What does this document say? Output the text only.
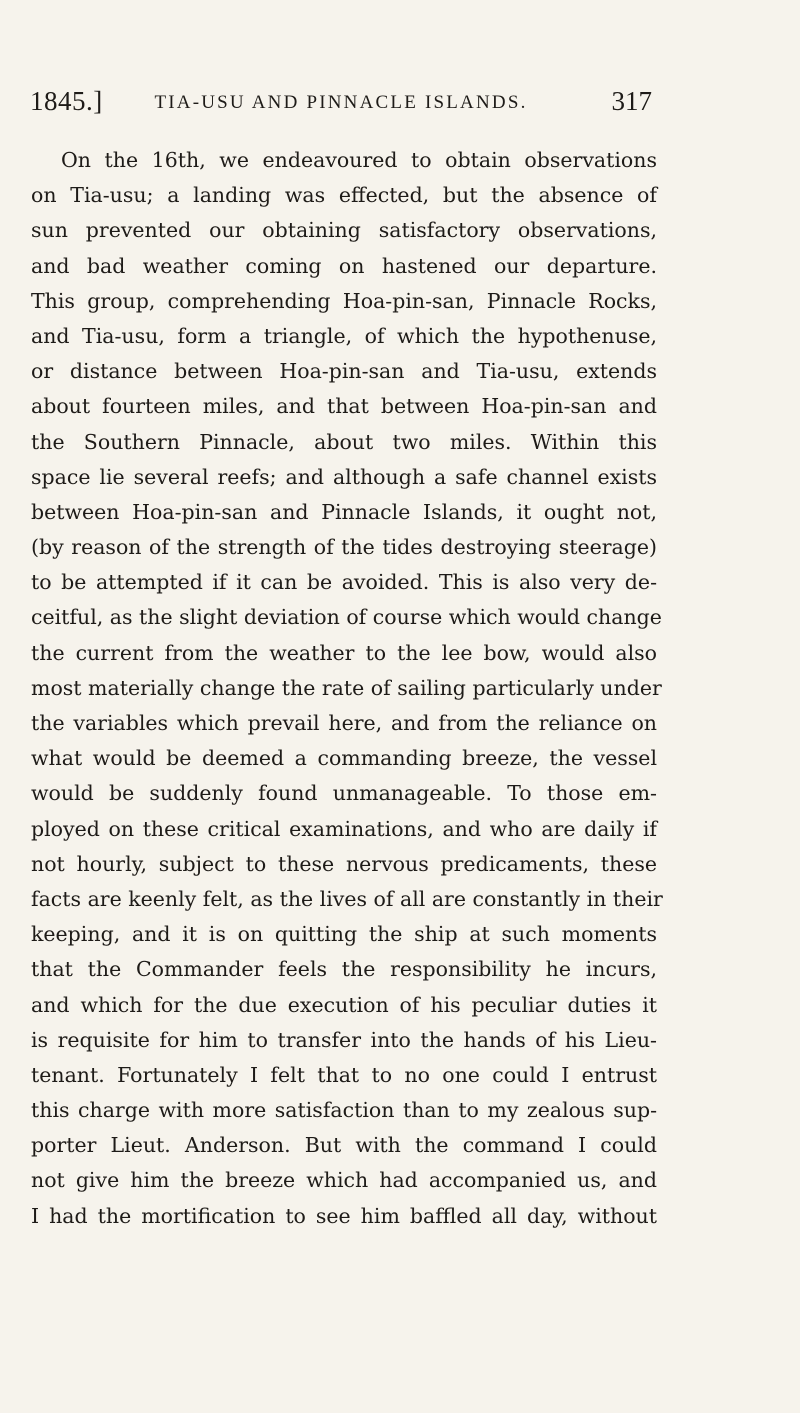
1845.]	TIA-USU AND PINNACLE ISLANDS.	317
On the 16th, we endeavoured to obtain observations
on Tia-usu; a landing was effected, but the absence of
sun prevented our obtaining satisfactory observations,
and bad weather coming on hastened our departure.
This group, comprehending Hoa-pin-san, Pinnacle Rocks,
and Tia-usu, form a triangle, of which the hypothenuse,
or distance between Hoa-pin-san and Tia-usu, extends
about fourteen miles, and that between Hoa-pin-san and
the Southern Pinnacle, about two miles. Within this
space lie several reefs; and although a safe channel exists
between Hoa-pin-san and Pinnacle Islands, it ought not,
(by reason of the strength of the tides destroying steerage)
to be attempted if it can be avoided. This is also very de-
ceitful, as the slight deviation of course which would change
the current from the weather to the lee bow, would also
most materially change the rate of sailing particularly under
the variables which prevail here, and from the reliance on
what would be deemed a commanding breeze, the vessel
would be suddenly found unmanageable. To those em-
ployed on these critical examinations, and who are daily if
not hourly, subject to these nervous predicaments, these
facts are keenly felt, as the lives of all are constantly in their
keeping, and it is on quitting the ship at such moments
that the Commander feels the responsibility he incurs,
and which for the due execution of his peculiar duties it
is requisite for him to transfer into the hands of his Lieu-
tenant. Fortunately I felt that to no one could I entrust
this charge with more satisfaction than to my zealous sup-
porter Lieut. Anderson. But with the command I could
not give him the breeze which had accompanied us, and
I had the mortification to see him baffled all day, without
